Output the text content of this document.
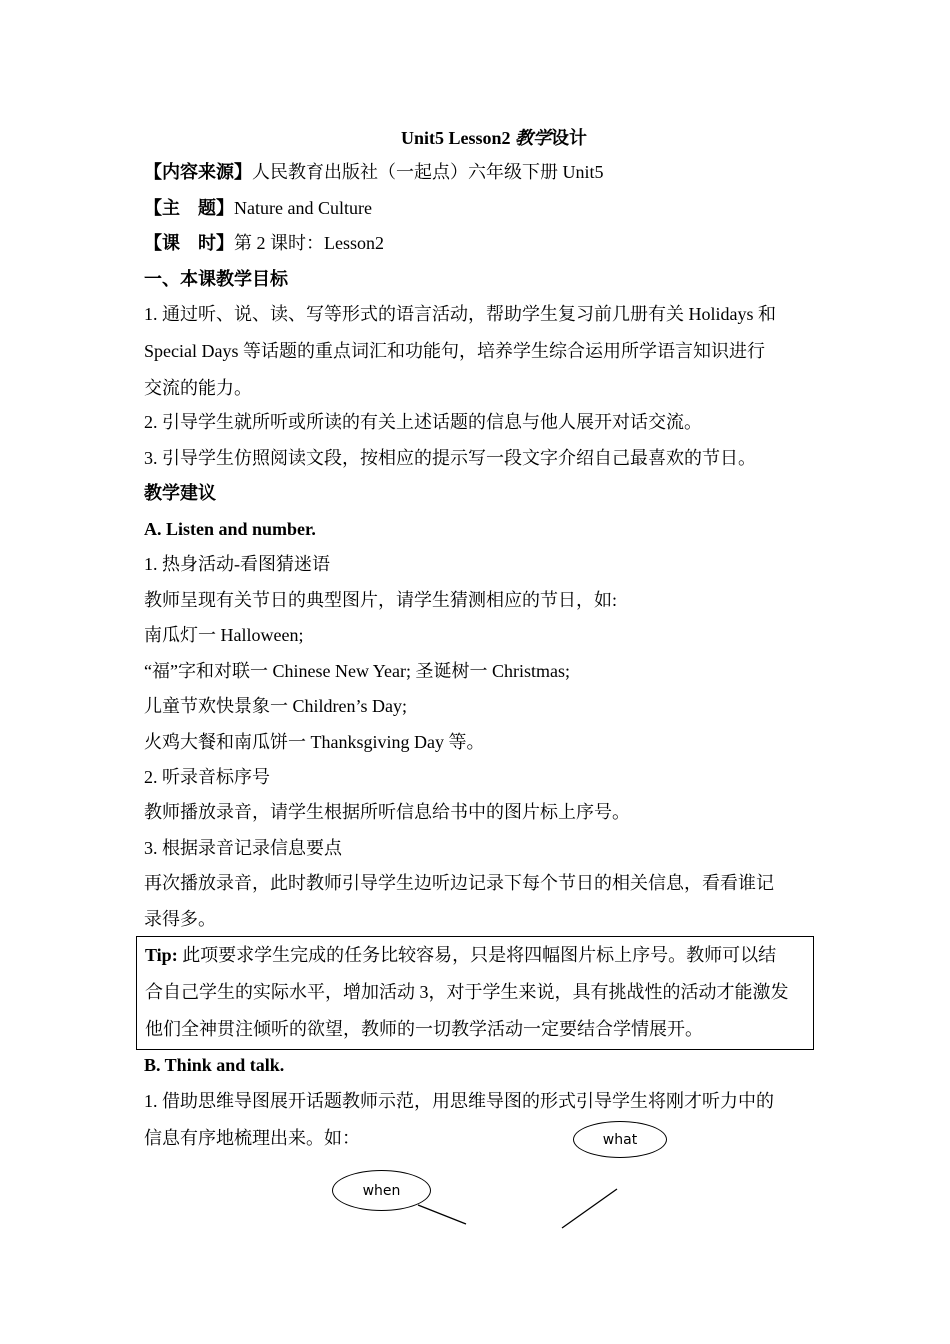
Unit5 Lesson2 教学设计
【内容来源】人民教育出版社（一起点）六年级下册 Unit5
【主　题】Nature and Culture
【课　时】第 2 课时：Lesson2
一、本课教学目标
1. 通过听、说、读、写等形式的语言活动，帮助学生复习前几册有关 Holidays 和
Special Days 等话题的重点词汇和功能句，培养学生综合运用所学语言知识进行
交流的能力。
2. 引导学生就所听或所读的有关上述话题的信息与他人展开对话交流。
3. 引导学生仿照阅读文段，按相应的提示写一段文字介绍自己最喜欢的节日。
教学建议
A. Listen and number.
1. 热身活动-看图猜迷语
教师呈现有关节日的典型图片，请学生猜测相应的节日，如:
南瓜灯一 Halloween;
“福”字和对联一 Chinese New Year; 圣诞树一 Christmas;
儿童节欢快景象一 Children’s Day;
火鸡大餐和南瓜饼一 Thanksgiving Day 等。
2. 听录音标序号
教师播放录音，请学生根据所听信息给书中的图片标上序号。
3. 根据录音记录信息要点
再次播放录音，此时教师引导学生边听边记录下每个节日的相关信息，看看谁记
录得多。
Tip: 此项要求学生完成的任务比较容易，只是将四幅图片标上序号。教师可以结
合自己学生的实际水平，增加活动 3，对于学生来说，具有挑战性的活动才能激发
他们全神贯注倾听的欲望，教师的一切教学活动一定要结合学情展开。
B. Think and talk.
1. 借助思维导图展开话题教师示范，用思维导图的形式引导学生将刚才听力中的
信息有序地梳理出来。如：
when
what
